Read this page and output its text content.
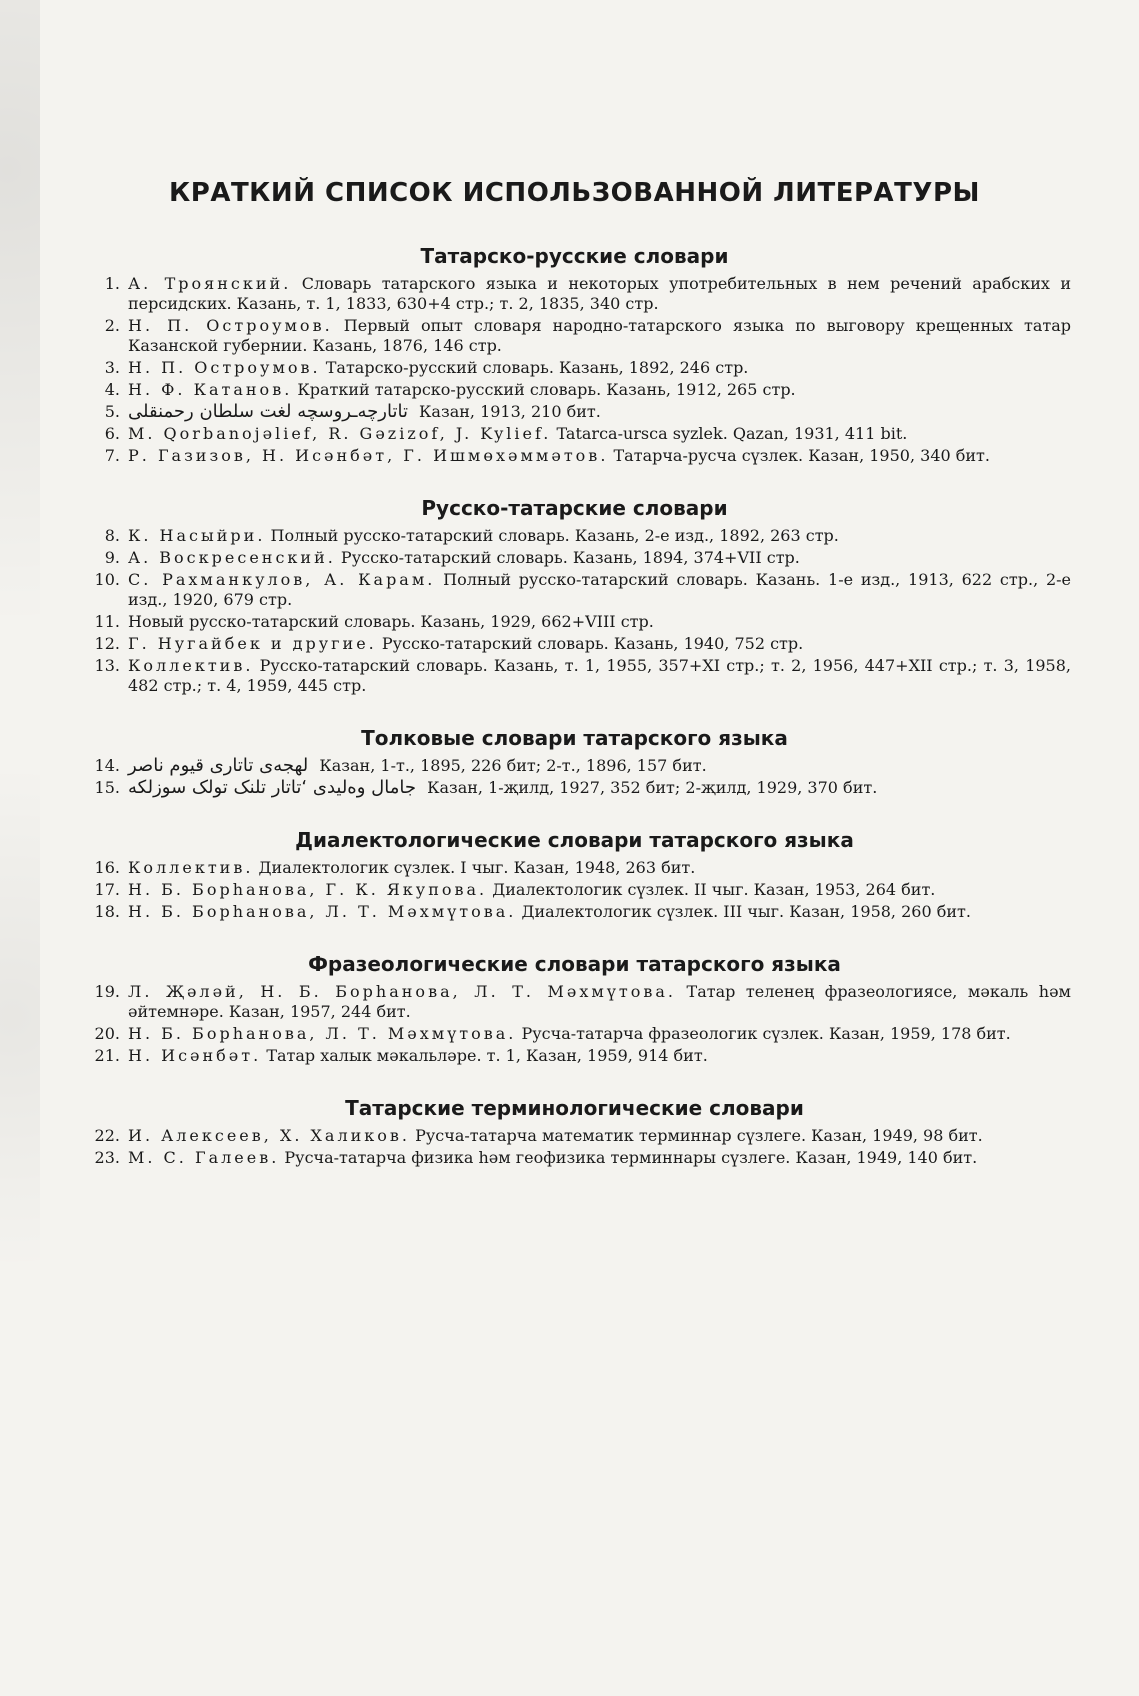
КРАТКИЙ СПИСОК ИСПОЛЬЗОВАННОЙ ЛИТЕРАТУРЫ
Татарско-русские словари
1. А. Троянский. Словарь татарского языка и некоторых употребительных в нем речений арабских и персидских. Казань, т. 1, 1833, 630+4 стр.; т. 2, 1835, 340 стр.
2. Н. П. Остроумов. Первый опыт словаря народно-татарского языка по выговору крещенных татар Казанской губернии. Казань, 1876, 146 стр.
3. Н. П. Остроумов. Татарско-русский словарь. Казань, 1892, 246 стр.
4. Н. Ф. Катанов. Краткий татарско-русский словарь. Казань, 1912, 265 стр.
5. تاتارچه‌ـروسچه لغت سلطان رحمنقلی Казан, 1913, 210 бит.
6. M. Qorbanojəlief, R. Gəzizof, J. Kylief. Tatarca-ursca syzlek. Qazan, 1931, 411 bit.
7. Р. Газизов, Н. Исәнбәт, Г. Ишмөхәммәтов. Татарча-русча сүзлек. Казан, 1950, 340 бит.
Русско-татарские словари
8. К. Насыйри. Полный русско-татарский словарь. Казань, 2-е изд., 1892, 263 стр.
9. А. Воскресенский. Русско-татарский словарь. Казань, 1894, 374+VII стр.
10. С. Рахманкулов, А. Карам. Полный русско-татарский словарь. Казань. 1-е изд., 1913, 622 стр., 2-е изд., 1920, 679 стр.
11. Новый русско-татарский словарь. Казань, 1929, 662+VIII стр.
12. Г. Нугайбек и другие. Русско-татарский словарь. Казань, 1940, 752 стр.
13. Коллектив. Русско-татарский словарь. Казань, т. 1, 1955, 357+XI стр.; т. 2, 1956, 447+XII стр.; т. 3, 1958, 482 стр.; т. 4, 1959, 445 стр.
Толковые словари татарского языка
14. لهجه‌ی تاتاری قیوم ناصر Казан, 1-т., 1895, 226 бит; 2-т., 1896, 157 бит.
15. جامال وه‌لیدی ‘تاتار تلنک تولک سوزلکه Казан, 1-җилд, 1927, 352 бит; 2-җилд, 1929, 370 бит.
Диалектологические словари татарского языка
16. Коллектив. Диалектологик сүзлек. I чыг. Казан, 1948, 263 бит.
17. Н. Б. Борһанова, Г. К. Якупова. Диалектологик сүзлек. II чыг. Казан, 1953, 264 бит.
18. Н. Б. Борһанова, Л. Т. Мәхмүтова. Диалектологик сүзлек. III чыг. Казан, 1958, 260 бит.
Фразеологические словари татарского языка
19. Л. Җәләй, Н. Б. Борһанова, Л. Т. Мәхмүтова. Татар теленең фразеологиясе, мәкаль һәм әйтемнәре. Казан, 1957, 244 бит.
20. Н. Б. Борһанова, Л. Т. Мәхмүтова. Русча-татарча фразеологик сүзлек. Казан, 1959, 178 бит.
21. Н. Исәнбәт. Татар халык мәкальләре. т. 1, Казан, 1959, 914 бит.
Татарские терминологические словари
22. И. Алексеев, Х. Халиков. Русча-татарча математик терминнар сүзлеге. Казан, 1949, 98 бит.
23. М. С. Галеев. Русча-татарча физика һәм геофизика терминнары сүзлеге. Казан, 1949, 140 бит.
